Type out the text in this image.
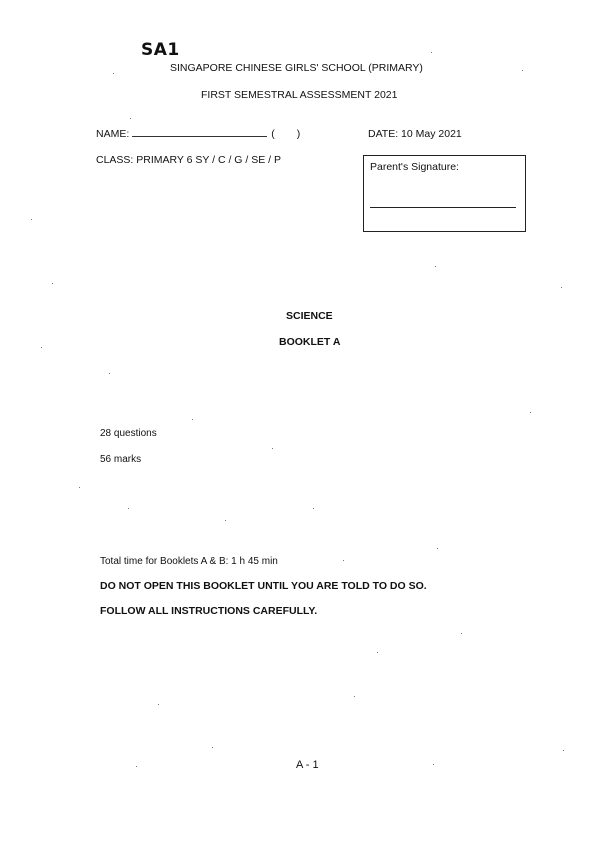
SA1
SINGAPORE CHINESE GIRLS' SCHOOL (PRIMARY)
FIRST SEMESTRAL ASSESSMENT 2021
NAME:	( )	DATE: 10 May 2021
CLASS: PRIMARY 6 SY / C / G / SE / P
Parent's Signature:
SCIENCE
BOOKLET A
28 questions
56 marks
Total time for Booklets A & B: 1 h 45 min
DO NOT OPEN THIS BOOKLET UNTIL YOU ARE TOLD TO DO SO.
FOLLOW ALL INSTRUCTIONS CAREFULLY.
A - 1
